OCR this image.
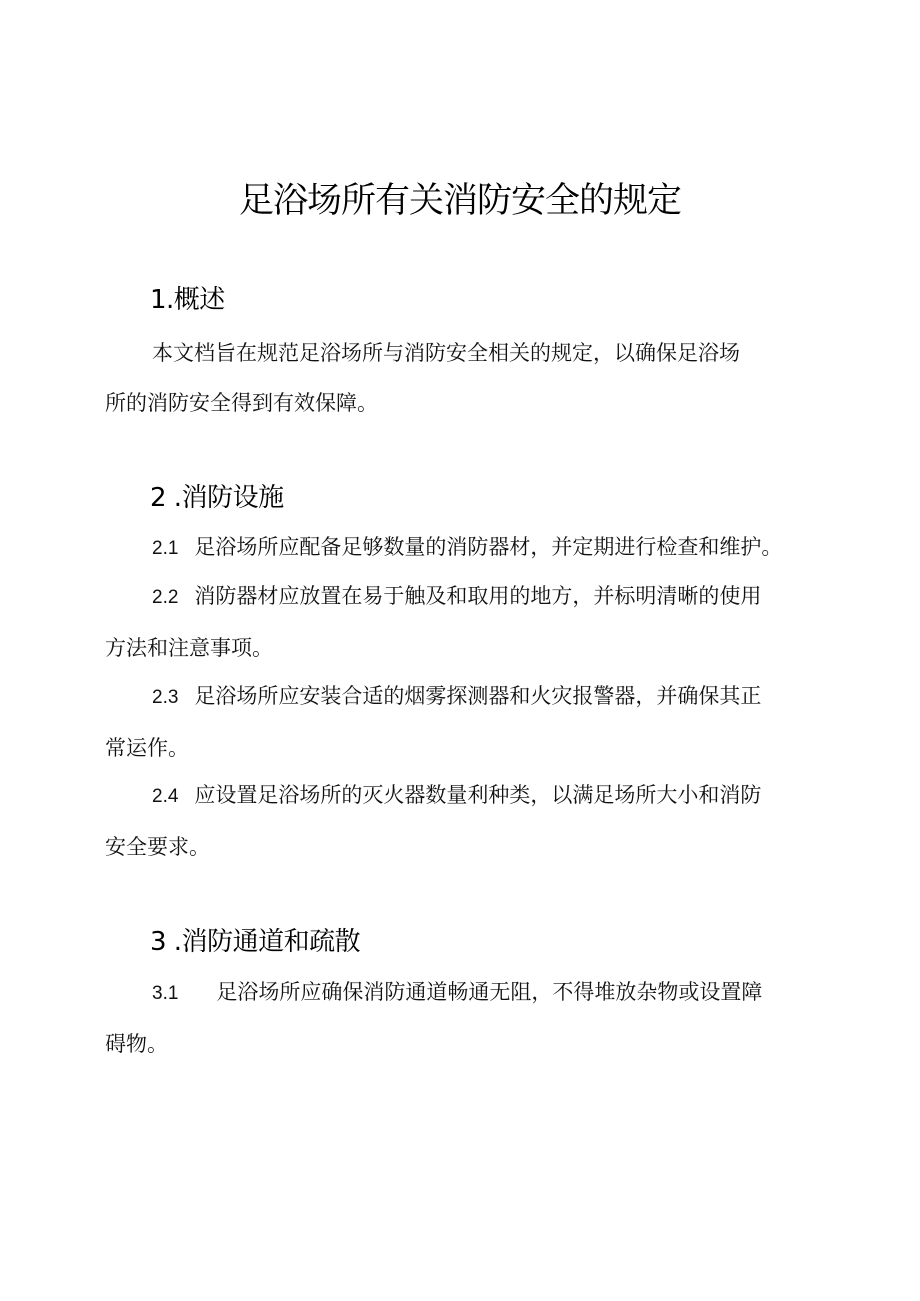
足浴场所有关消防安全的规定
1.概述
本文档旨在规范足浴场所与消防安全相关的规定，以确保足浴场
所的消防安全得到有效保障。
2 .消防设施
2.1 足浴场所应配备足够数量的消防器材，并定期进行检查和维护。
2.2 消防器材应放置在易于触及和取用的地方，并标明清晰的使用
方法和注意事项。
2.3 足浴场所应安装合适的烟雾探测器和火灾报警器，并确保其正
常运作。
2.4 应设置足浴场所的灭火器数量利种类，以满足场所大小和消防
安全要求。
3 .消防通道和疏散
3.1 足浴场所应确保消防通道畅通无阻，不得堆放杂物或设置障
碍物。
